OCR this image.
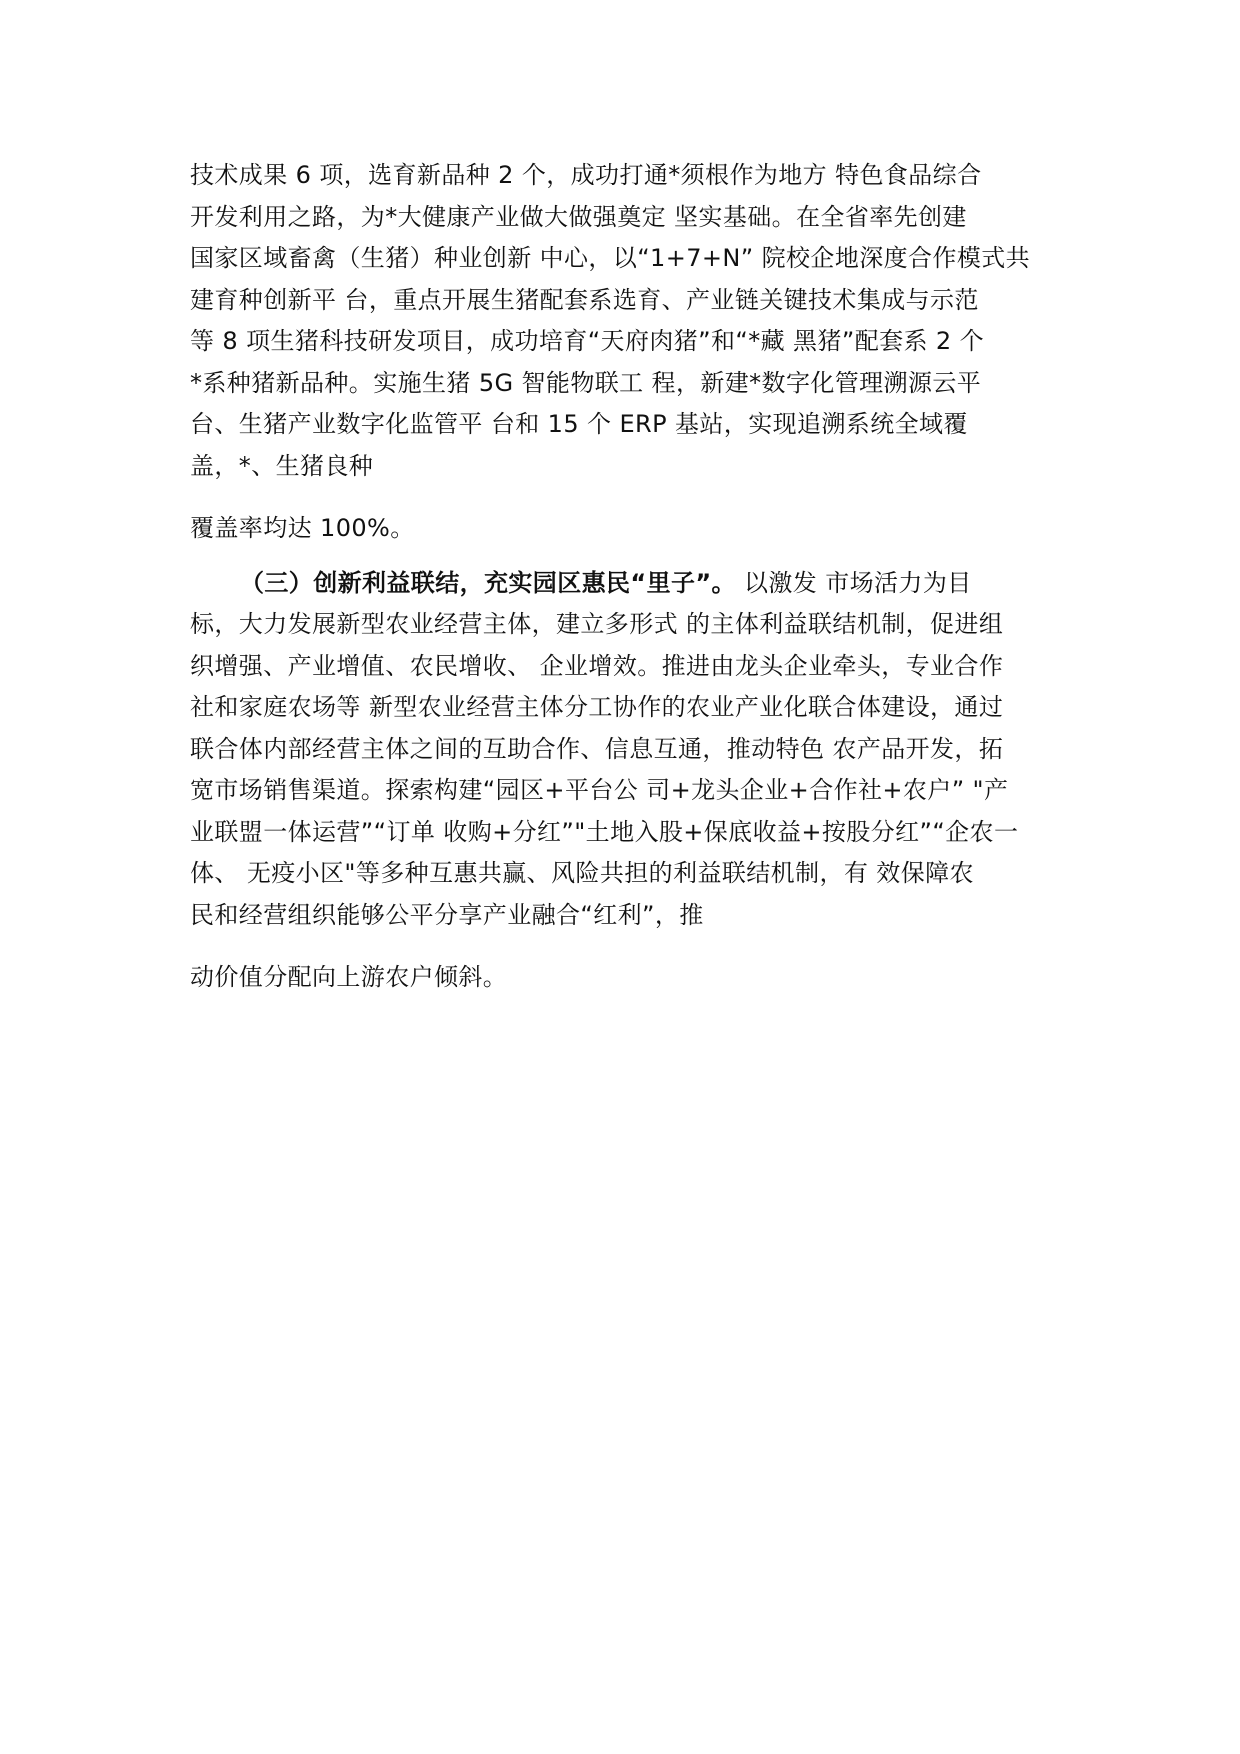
技术成果 6 项，选育新品种 2 个，成功打通*须根作为地方 特色食品综合
开发利用之路，为*大健康产业做大做强奠定 坚实基础。在全省率先创建
国家区域畜禽（生猪）种业创新 中心，以“1+7+N” 院校企地深度合作模式共
建育种创新平 台，重点开展生猪配套系选育、产业链关键技术集成与示范
等 8 项生猪科技研发项目，成功培育“天府肉猪”和“*藏 黑猪”配套系 2 个
*系种猪新品种。实施生猪 5G 智能物联工 程，新建*数字化管理溯源云平
台、生猪产业数字化监管平 台和 15 个 ERP 基站，实现追溯系统全域覆
盖，*、生猪良种
覆盖率均达 100%。
（三）创新利益联结，充实园区惠民“里子”。 以激发 市场活力为目
标，大力发展新型农业经营主体，建立多形式 的主体利益联结机制，促进组
织增强、产业增值、农民增收、 企业增效。推进由龙头企业牵头，专业合作
社和家庭农场等 新型农业经营主体分工协作的农业产业化联合体建设，通过
联合体内部经营主体之间的互助合作、信息互通，推动特色 农产品开发，拓
宽市场销售渠道。探索构建“园区+平台公 司+龙头企业+合作社+农户” "产
业联盟一体运营”“订单 收购+分红”"土地入股+保底收益+按股分红”“企农一
体、 无疫小区"等多种互惠共赢、风险共担的利益联结机制，有 效保障农
民和经营组织能够公平分享产业融合“红利”，推
动价值分配向上游农户倾斜。
